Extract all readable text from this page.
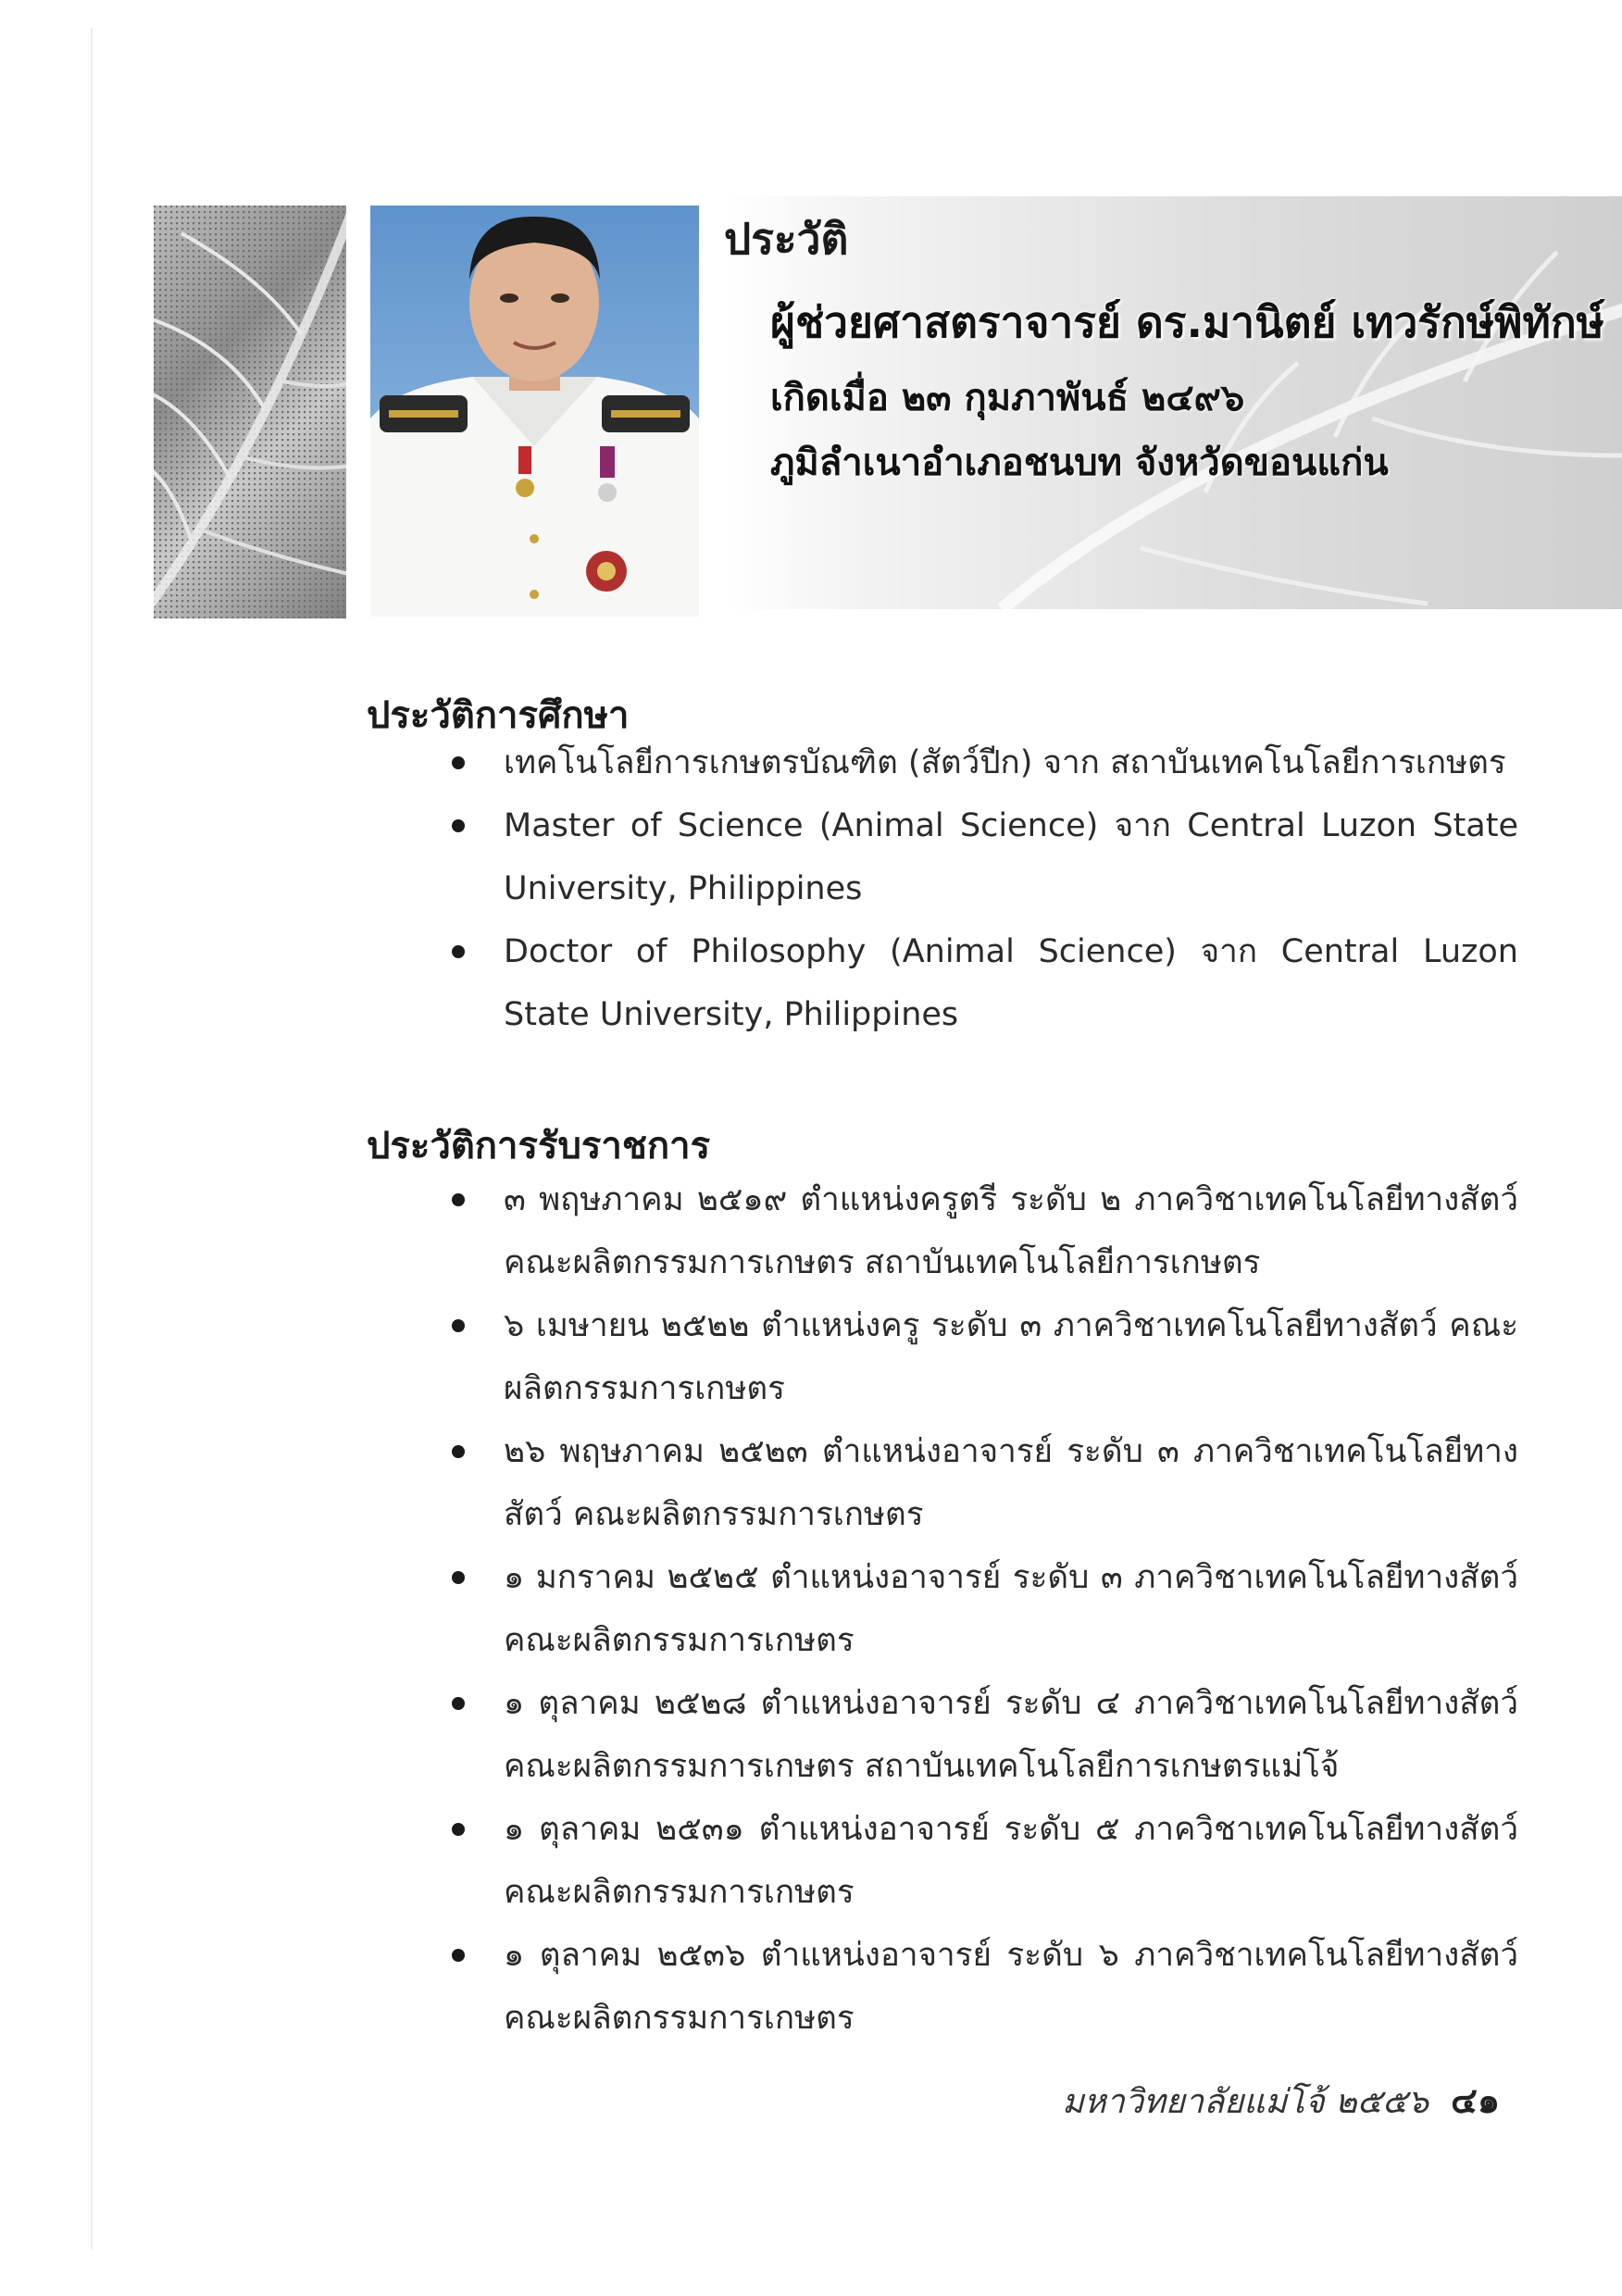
ประวัติ
ผู้ช่วยศาสตราจารย์ ดร.มานิตย์ เทวรักษ์พิทักษ์
เกิดเมื่อ ๒๓ กุมภาพันธ์ ๒๔๙๖
ภูมิลำเนาอำเภอชนบท จังหวัดขอนแก่น
ประวัติการศึกษา
เทคโนโลยีการเกษตรบัณฑิต (สัตว์ปีก) จาก สถาบันเทคโนโลยีการเกษตร
Master of Science (Animal Science) จาก Central Luzon State University, Philippines
Doctor of Philosophy (Animal Science) จาก Central Luzon State University, Philippines
ประวัติการรับราชการ
๓ พฤษภาคม ๒๕๑๙ ตำแหน่งครูตรี ระดับ ๒ ภาควิชาเทคโนโลยีทางสัตว์ คณะผลิตกรรมการเกษตร สถาบันเทคโนโลยีการเกษตร
๖ เมษายน ๒๕๒๒ ตำแหน่งครู ระดับ ๓ ภาควิชาเทคโนโลยีทางสัตว์ คณะผลิตกรรมการเกษตร
๒๖ พฤษภาคม ๒๕๒๓ ตำแหน่งอาจารย์ ระดับ ๓ ภาควิชาเทคโนโลยีทางสัตว์ คณะผลิตกรรมการเกษตร
๑ มกราคม ๒๕๒๕ ตำแหน่งอาจารย์ ระดับ ๓ ภาควิชาเทคโนโลยีทางสัตว์ คณะผลิตกรรมการเกษตร
๑ ตุลาคม ๒๕๒๘ ตำแหน่งอาจารย์ ระดับ ๔ ภาควิชาเทคโนโลยีทางสัตว์ คณะผลิตกรรมการเกษตร สถาบันเทคโนโลยีการเกษตรแม่โจ้
๑ ตุลาคม ๒๕๓๑ ตำแหน่งอาจารย์ ระดับ ๕ ภาควิชาเทคโนโลยีทางสัตว์ คณะผลิตกรรมการเกษตร
๑ ตุลาคม ๒๕๓๖ ตำแหน่งอาจารย์ ระดับ ๖ ภาควิชาเทคโนโลยีทางสัตว์ คณะผลิตกรรมการเกษตร
มหาวิทยาลัยแม่โจ้ ๒๕๕๖ ๔๑
